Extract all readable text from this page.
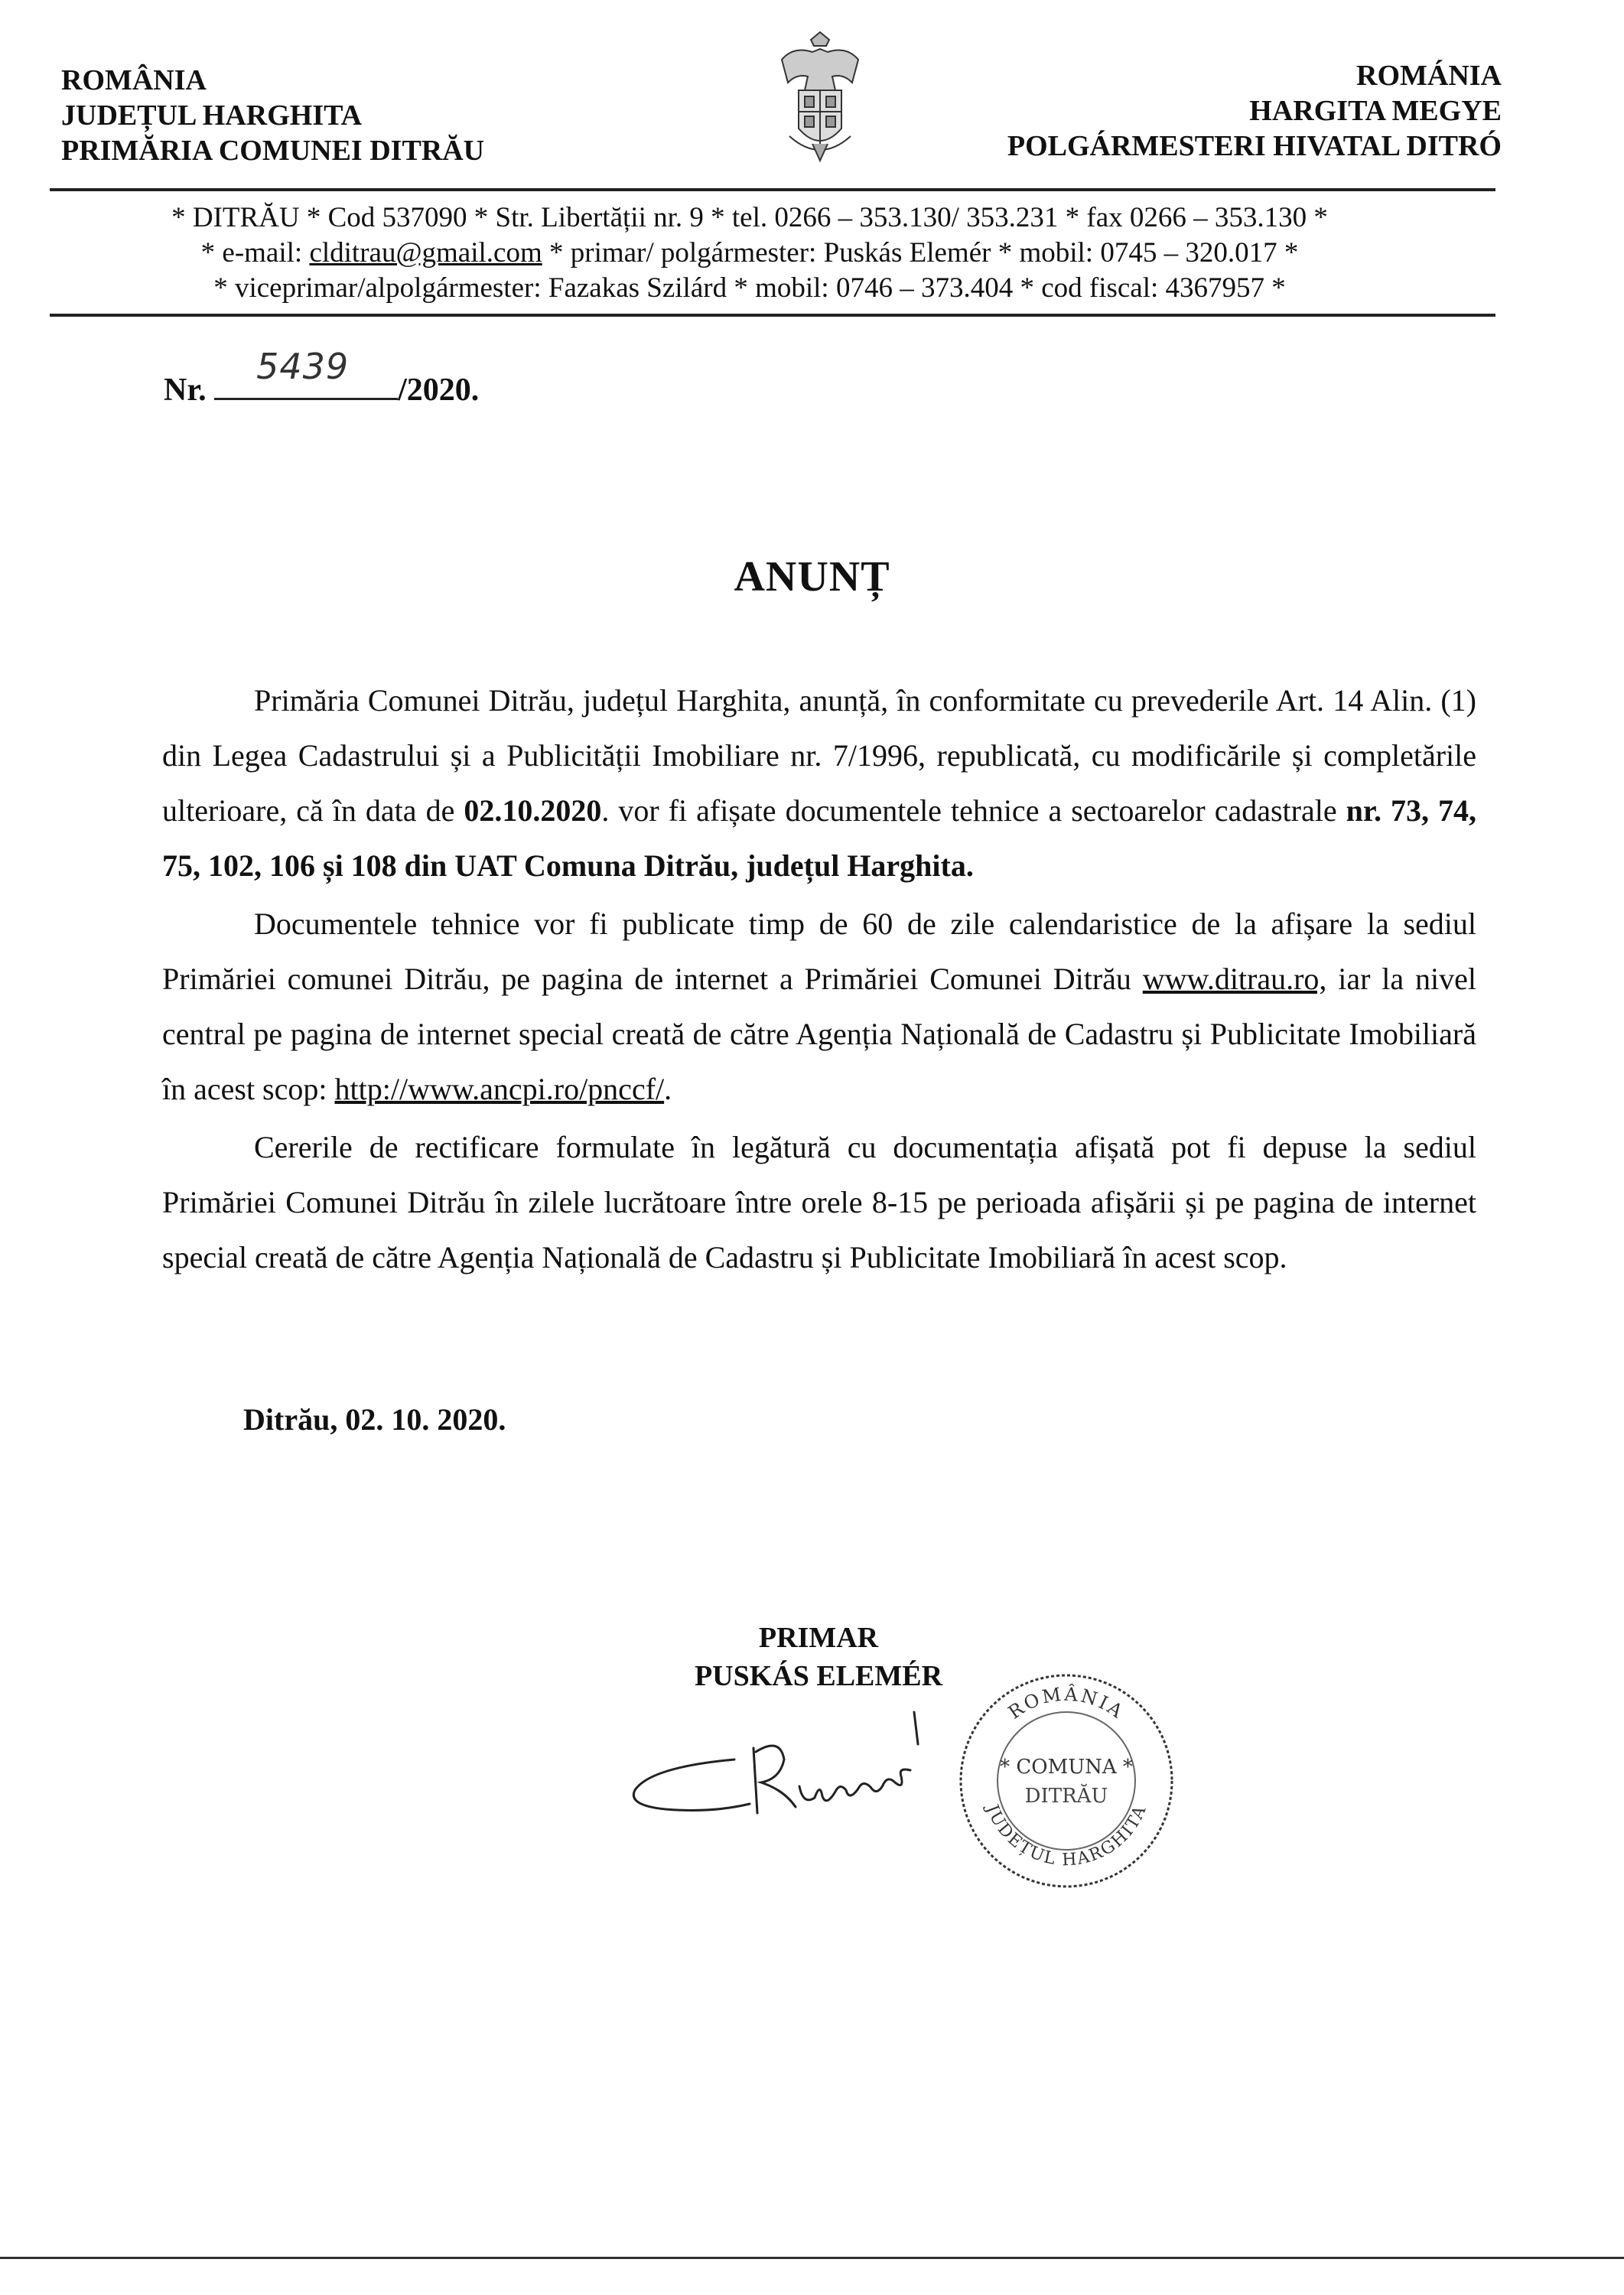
ROMÂNIA
JUDEȚUL HARGHITA
PRIMĂRIA COMUNEI DITRĂU
ROMÁNIA
HARGITA MEGYE
POLGÁRMESTERI HIVATAL DITRÓ
* DITRĂU * Cod 537090 * Str. Libertății nr. 9 * tel. 0266 – 353.130/ 353.231 * fax 0266 – 353.130 *
* e-mail: clditrau@gmail.com * primar/ polgármester: Puskás Elemér * mobil: 0745 – 320.017 *
* viceprimar/alpolgármester: Fazakas Szilárd * mobil: 0746 – 373.404 * cod fiscal: 4367957 *
Nr.
5439
/2020.
ANUNȚ

Primăria Comunei Ditrău, județul Harghita, anunță, în conformitate cu prevederile Art. 14 Alin. (1) din Legea Cadastrului și a Publicității Imobiliare nr. 7/1996, republicată, cu modificările și completările ulterioare, că în data de 02.10.2020. vor fi afișate documentele tehnice a sectoarelor cadastrale nr. 73, 74, 75, 102, 106 și 108 din UAT Comuna Ditrău, județul Harghita.

Documentele tehnice vor fi publicate timp de 60 de zile calendaristice de la afișare la sediul Primăriei comunei Ditrău, pe pagina de internet a Primăriei Comunei Ditrău www.ditrau.ro, iar la nivel central pe pagina de internet special creată de către Agenția Națională de Cadastru și Publicitate Imobiliară în acest scop: http://www.ancpi.ro/pnccf/.

Cererile de rectificare formulate în legătură cu documentația afișată pot fi depuse la sediul Primăriei Comunei Ditrău în zilele lucrătoare între orele 8-15 pe perioada afișării și pe pagina de internet special creată de către Agenția Națională de Cadastru și Publicitate Imobiliară în acest scop.

Ditrău, 02. 10. 2020.
PRIMAR
PUSKÁS ELEMÉR
ROMÂNIA
JUDEȚUL HARGHITA
* COMUNA *
DITRĂU
